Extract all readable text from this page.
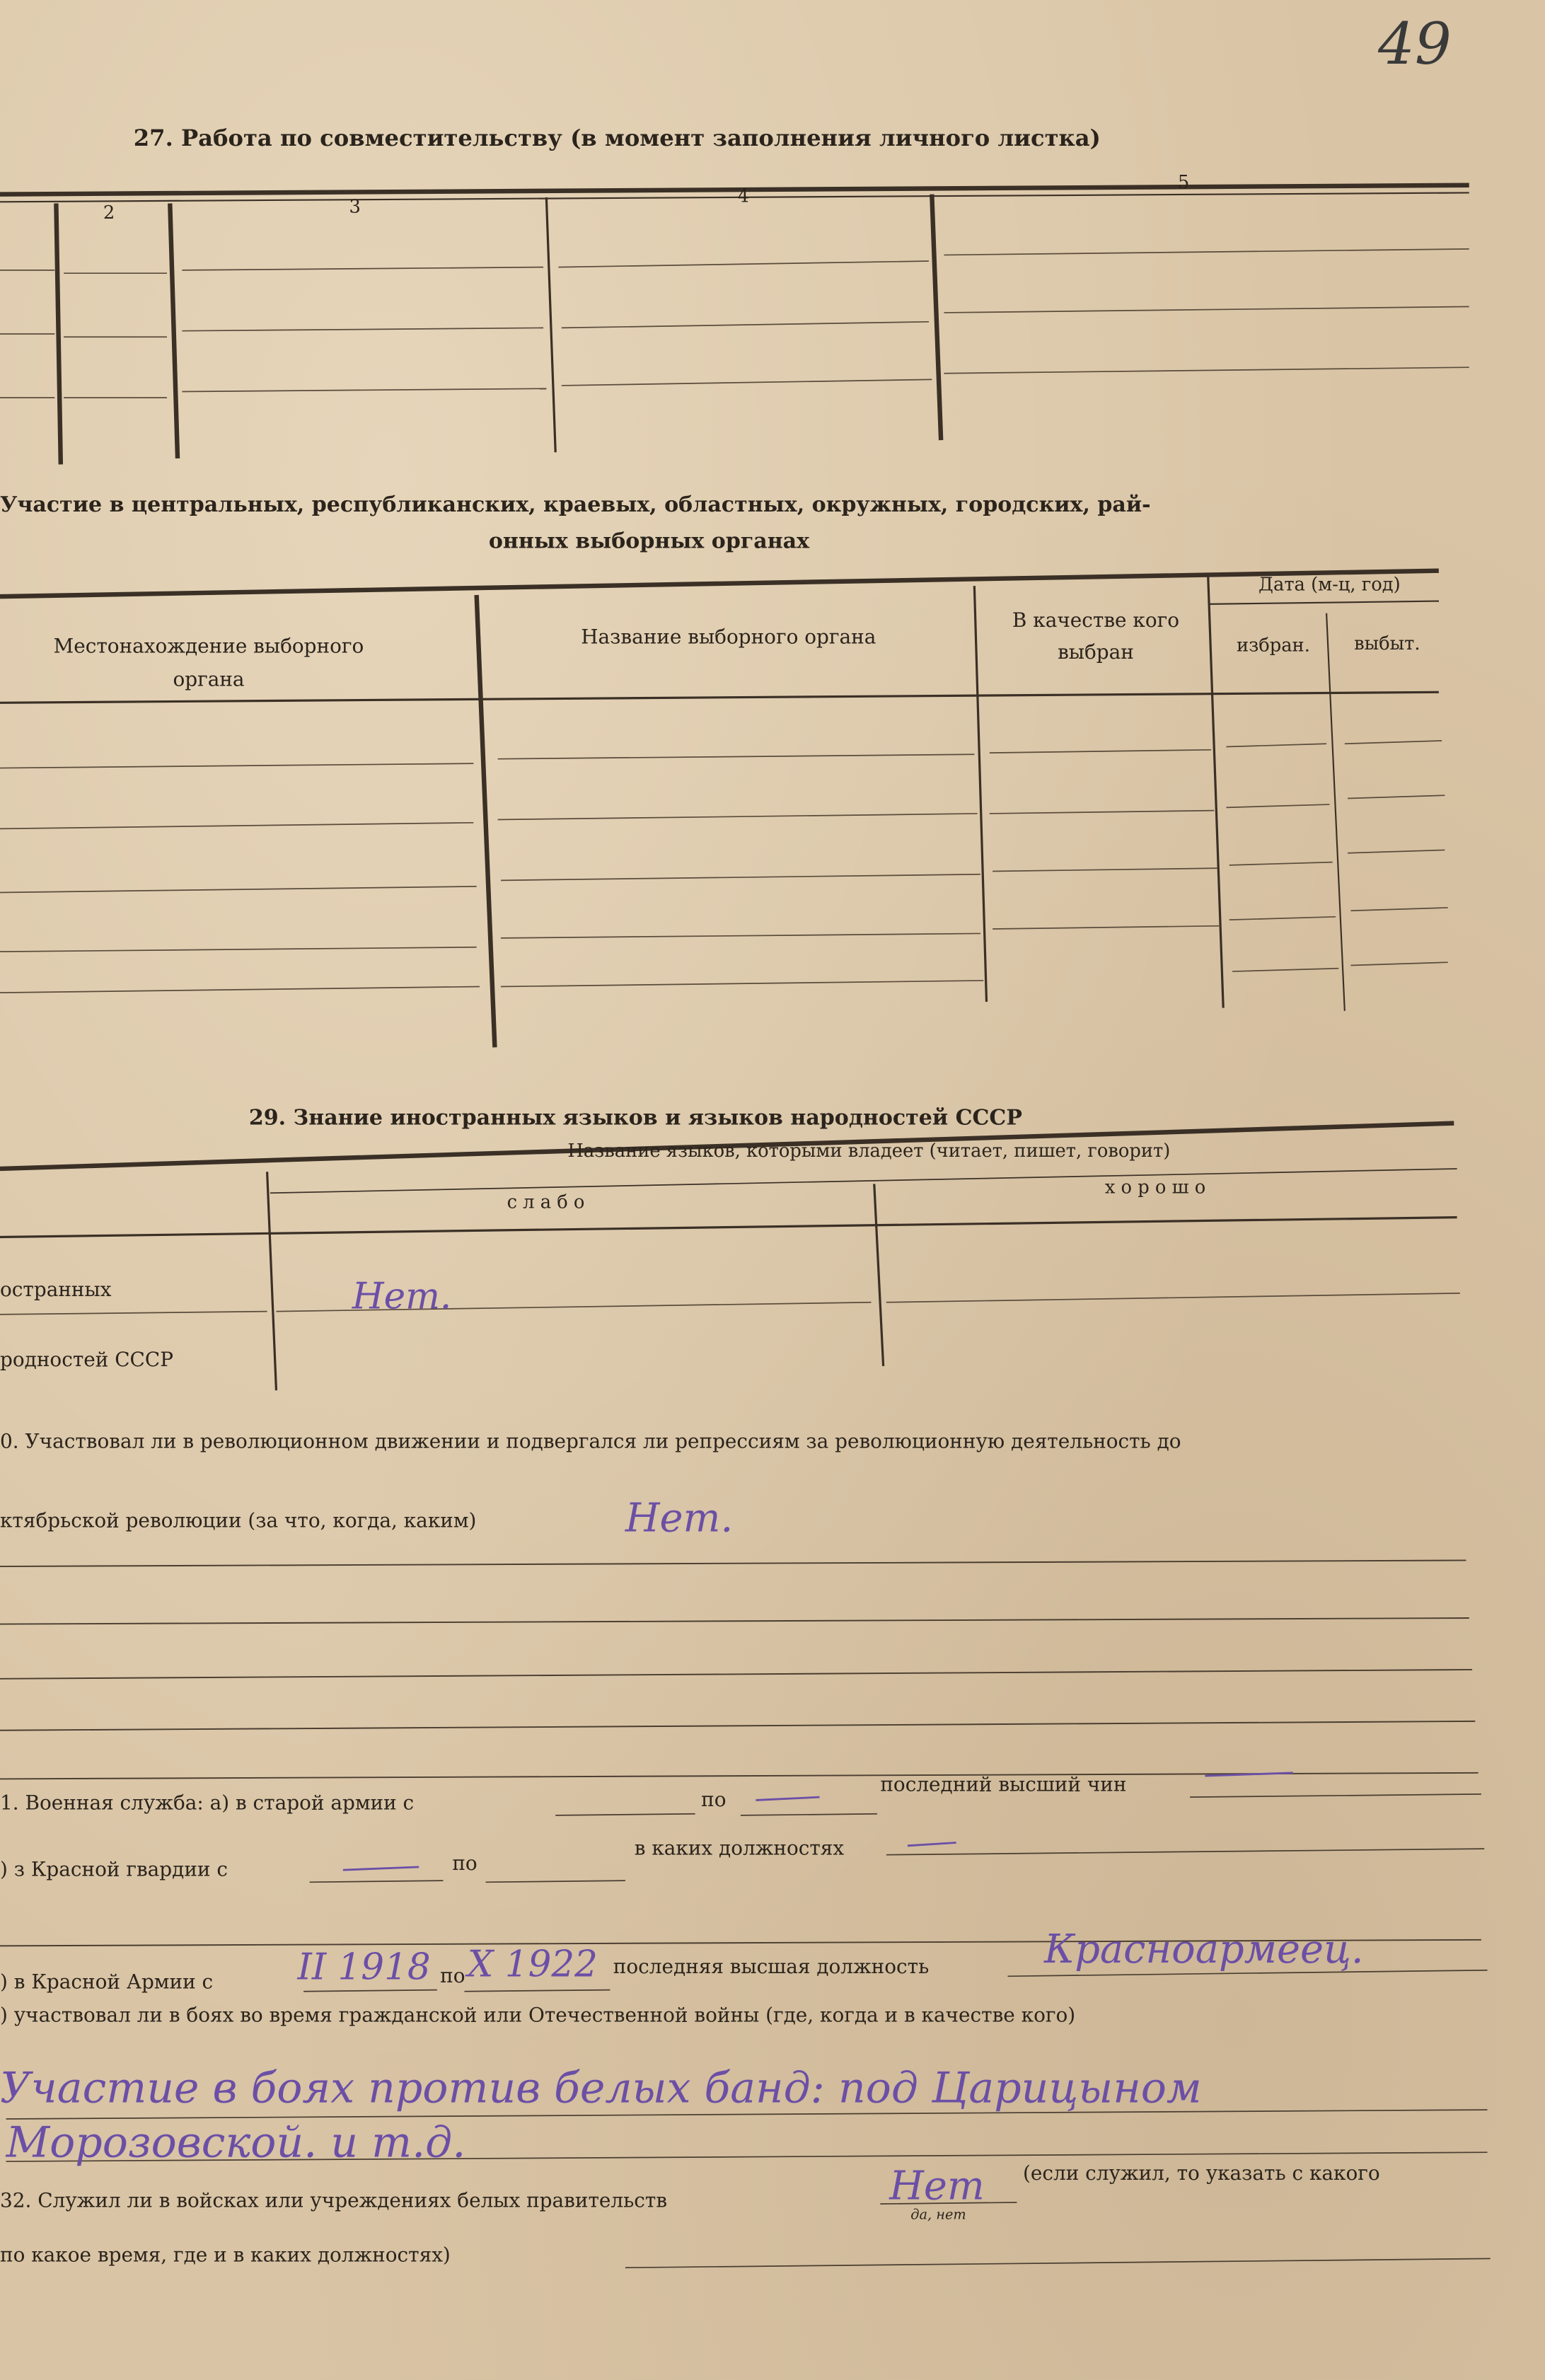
49
27. Работа по совместительству (в момент заполнения личного листка)
2	3	4
5
Участие в центральных, республиканских, краевых, областных, окружных, городских, рай-
онных выборных органах
Местонахождение выборного органа
Название выборного органа
В качестве кого выбран
Дата (м-ц, год)
избран.	выбыт.
29. Знание иностранных языков и языков народностей СССР
Название языков, которыми владеет (читает, пишет, говорит)
с л а б о
х о р о ш о
остранных
родностей СССР
Нет.
0. Участвовал ли в революционном движении и подвергался ли репрессиям за революционную деятельность до
ктябрьской революции (за что, когда, каким)	Нет.
1. Военная служба: а) в старой армии с	по
последний высший чин
) з Красной гвардии с	по
в каких должностях
) в Красной Армии с	II 1918 по X 1922 последняя высшая должность	Красноармеец.
) участвовал ли в боях во время гражданской или Отечественной войны (где, когда и в качестве кого)
Участие в боях против белых банд: под Царицыном
Морозовской. и т.д.
32. Служил ли в войсках или учреждениях белых правительств	Нет
да, нет
(если служил, то указать с какого
по какое время, где и в каких должностях)
